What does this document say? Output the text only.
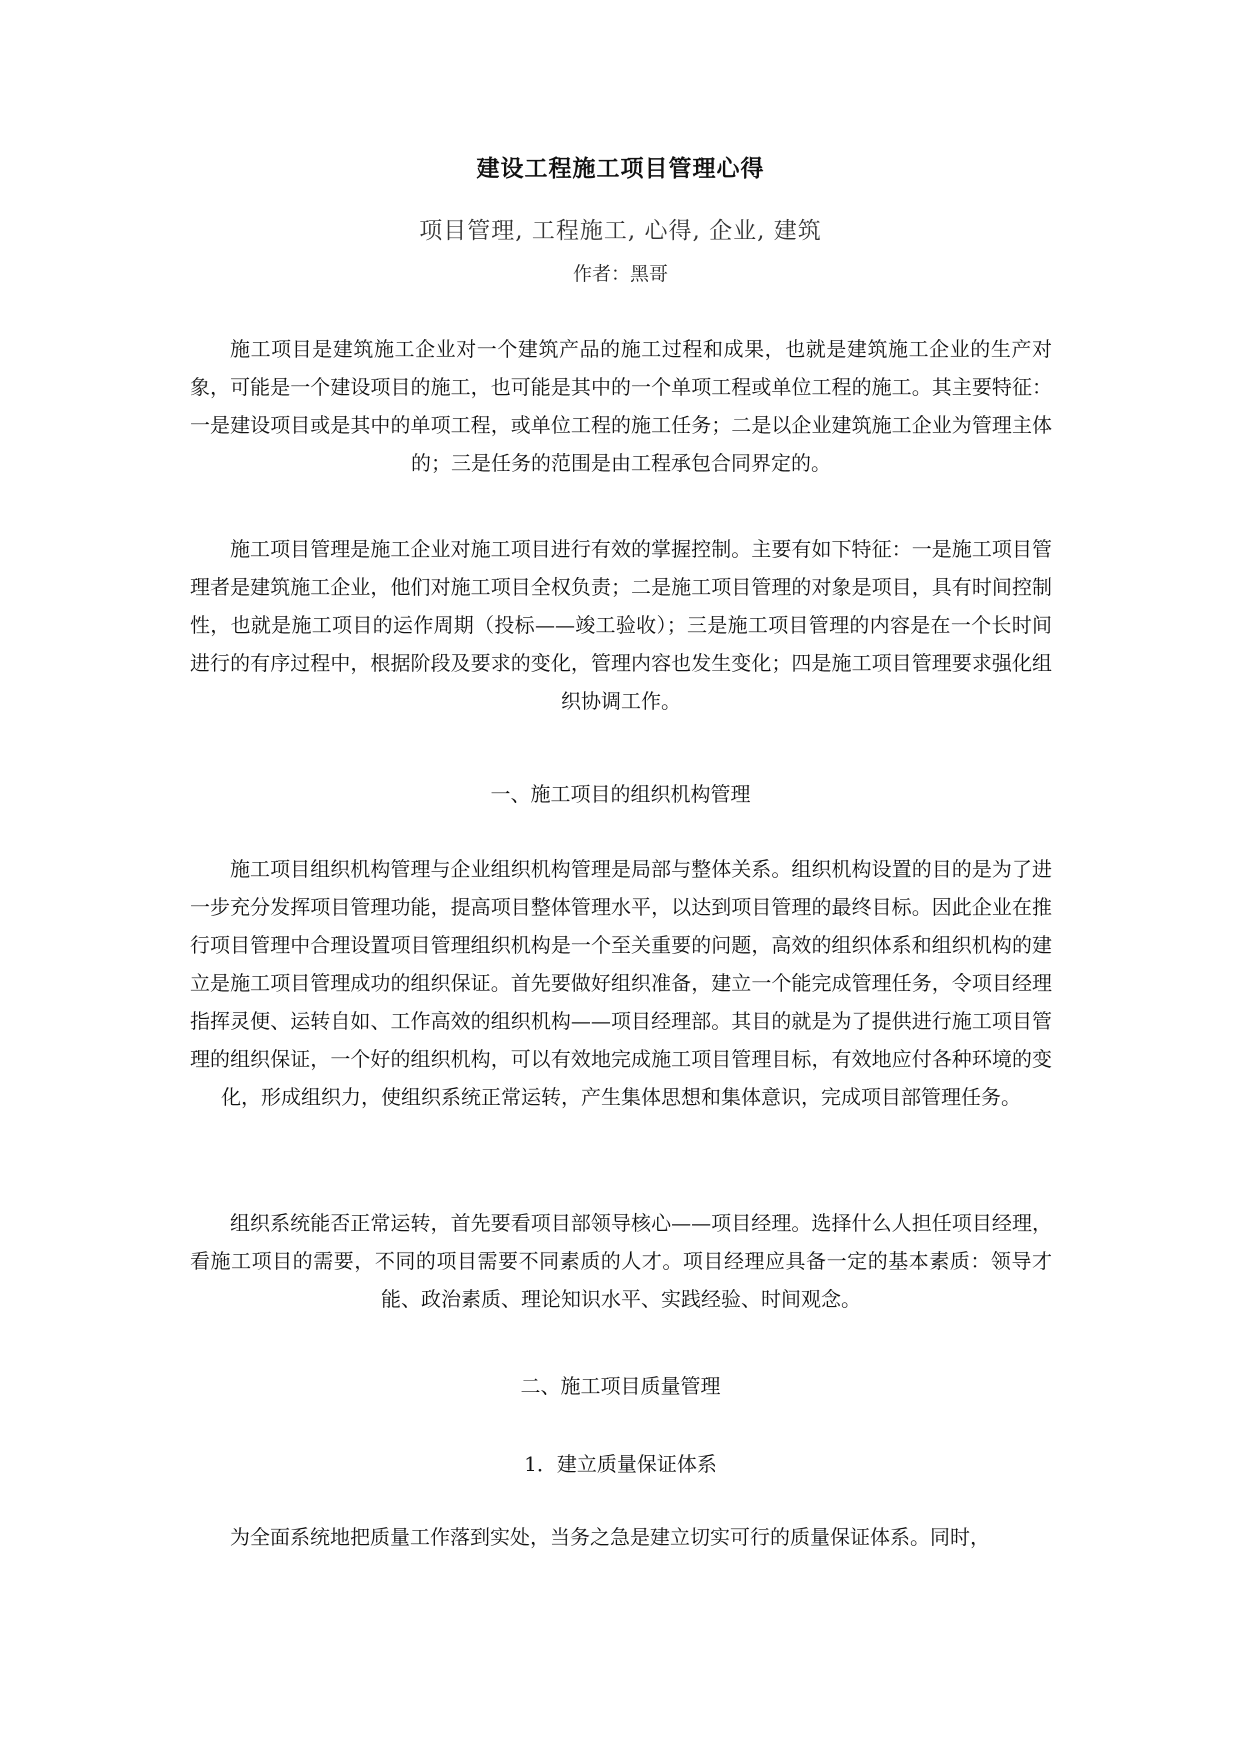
建设工程施工项目管理心得
项目管理, 工程施工, 心得, 企业, 建筑
作者：黑哥

施工项目是建筑施工企业对一个建筑产品的施工过程和成果，也就是建筑施工企业的生产对象，可能是一个建设项目的施工，也可能是其中的一个单项工程或单位工程的施工。其主要特征：一是建设项目或是其中的单项工程，或单位工程的施工任务；二是以企业建筑施工企业为管理主体的；三是任务的范围是由工程承包合同界定的。

施工项目管理是施工企业对施工项目进行有效的掌握控制。主要有如下特征：一是施工项目管理者是建筑施工企业，他们对施工项目全权负责；二是施工项目管理的对象是项目，具有时间控制性，也就是施工项目的运作周期（投标——竣工验收）；三是施工项目管理的内容是在一个长时间进行的有序过程中，根据阶段及要求的变化，管理内容也发生变化；四是施工项目管理要求强化组织协调工作。

一、施工项目的组织机构管理

施工项目组织机构管理与企业组织机构管理是局部与整体关系。组织机构设置的目的是为了进一步充分发挥项目管理功能，提高项目整体管理水平，以达到项目管理的最终目标。因此企业在推行项目管理中合理设置项目管理组织机构是一个至关重要的问题，高效的组织体系和组织机构的建立是施工项目管理成功的组织保证。首先要做好组织准备，建立一个能完成管理任务，令项目经理指挥灵便、运转自如、工作高效的组织机构——项目经理部。其目的就是为了提供进行施工项目管理的组织保证，一个好的组织机构，可以有效地完成施工项目管理目标，有效地应付各种环境的变化，形成组织力，使组织系统正常运转，产生集体思想和集体意识，完成项目部管理任务。

组织系统能否正常运转，首先要看项目部领导核心——项目经理。选择什么人担任项目经理，看施工项目的需要，不同的项目需要不同素质的人才。项目经理应具备一定的基本素质：领导才能、政治素质、理论知识水平、实践经验、时间观念。

二、施工项目质量管理

1．建立质量保证体系

为全面系统地把质量工作落到实处，当务之急是建立切实可行的质量保证体系。同时，
